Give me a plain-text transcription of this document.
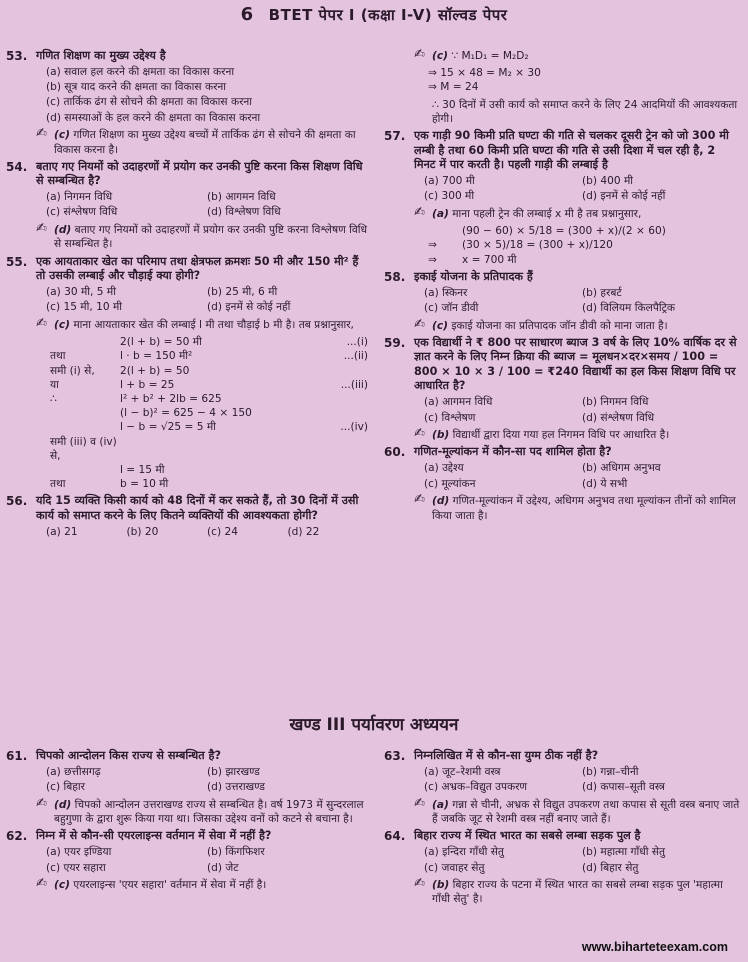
6 BTET पेपर I (कक्षा I-V) सॉल्वड पेपर
53. गणित शिक्षण का मुख्य उद्देश्य है
(a) सवाल हल करने की क्षमता का विकास करना
(b) सूत्र याद करने की क्षमता का विकास करना
(c) तार्किक ढंग से सोचने की क्षमता का विकास करना
(d) समस्याओं के हल करने की क्षमता का विकास करना
✍ (c) गणित शिक्षण का मुख्य उद्देश्य बच्चों में तार्किक ढंग से सोचने की क्षमता का विकास करना है।
54. बताए गए नियमों को उदाहरणों में प्रयोग कर उनकी पुष्टि करना किस शिक्षण विधि से सम्बन्धित है?
(a) निगमन विधि	(b) आगमन विधि
(c) संश्लेषण विधि	(d) विश्लेषण विधि
✍ (d) बताए गए नियमों को उदाहरणों में प्रयोग कर उनकी पुष्टि करना विश्लेषण विधि से सम्बन्धित है।
55. एक आयताकार खेत का परिमाप तथा क्षेत्रफल क्रमशः 50 मी और 150 मी² हैं तो उसकी लम्बाई और चौड़ाई क्या होगी?
(a) 30 मी, 5 मी	(b) 25 मी, 6 मी
(c) 15 मी, 10 मी	(d) इनमें से कोई नहीं
✍ (c) माना आयताकार खेत की लम्बाई l मी तथा चौड़ाई b मी है। तब प्रश्नानुसार,
2(l + b) = 50 मी	...(i)
तथा	l · b = 150 मी²	...(ii)
समी (i) से,	2(l + b) = 50
या	l + b = 25	...(iii)
∴	l² + b² + 2lb = 625
(l − b)² = 625 − 4 × 150
l − b = √25 = 5 मी	...(iv)
समी (iii) व (iv) से,
l = 15 मी
तथा	b = 10 मी
56. यदि 15 व्यक्ति किसी कार्य को 48 दिनों में कर सकते हैं, तो 30 दिनों में उसी कार्य को समाप्त करने के लिए कितने व्यक्तियों की आवश्यकता होगी?
(a) 21	(b) 20	(c) 24	(d) 22
✍ (c) ∵ M₁D₁ = M₂D₂
⇒ 15 × 48 = M₂ × 30
⇒ M = 24
∴ 30 दिनों में उसी कार्य को समाप्त करने के लिए 24 आदमियों की आवश्यकता होगी।
57. एक गाड़ी 90 किमी प्रति घण्टा की गति से चलकर दूसरी ट्रेन को जो 300 मी लम्बी है तथा 60 किमी प्रति घण्टा की गति से उसी दिशा में चल रही है, 2 मिनट में पार करती है। पहली गाड़ी की लम्बाई है
(a) 700 मी	(b) 400 मी
(c) 300 मी	(d) इनमें से कोई नहीं
✍ (a) माना पहली ट्रेन की लम्बाई x मी है तब प्रश्नानुसार,
(90 − 60) × 5/18 = (300 + x)/(2 × 60)
⇒	(30 × 5)/18 = (300 + x)/120
⇒	x = 700 मी
58. इकाई योजना के प्रतिपादक हैं
(a) स्किनर	(b) हरबर्ट
(c) जॉन डीवी	(d) विलियम किलपैट्रिक
✍ (c) इकाई योजना का प्रतिपादक जॉन डीवी को माना जाता है।
59. एक विद्यार्थी ने ₹ 800 पर साधारण ब्याज 3 वर्ष के लिए 10% वार्षिक दर से ज्ञात करने के लिए निम्न क्रिया की ब्याज = मूलधन×दर×समय / 100 = 800 × 10 × 3 / 100 = ₹240 विद्यार्थी का हल किस शिक्षण विधि पर आधारित है?
(a) आगमन विधि	(b) निगमन विधि
(c) विश्लेषण	(d) संश्लेषण विधि
✍ (b) विद्यार्थी द्वारा दिया गया हल निगमन विधि पर आधारित है।
60. गणित-मूल्यांकन में कौन-सा पद शामिल होता है?
(a) उद्देश्य	(b) अधिगम अनुभव
(c) मूल्यांकन	(d) ये सभी
✍ (d) गणित-मूल्यांकन में उद्देश्य, अधिगम अनुभव तथा मूल्यांकन तीनों को शामिल किया जाता है।
खण्ड III पर्यावरण अध्ययन
61. चिपको आन्दोलन किस राज्य से सम्बन्धित है?
(a) छत्तीसगढ़	(b) झारखण्ड
(c) बिहार	(d) उत्तराखण्ड
✍ (d) चिपको आन्दोलन उत्तराखण्ड राज्य से सम्बन्धित है। वर्ष 1973 में सुन्दरलाल बहुगुणा के द्वारा शुरू किया गया था। जिसका उद्देश्य वनों को कटने से बचाना है।
62. निम्न में से कौन-सी एयरलाइन्स वर्तमान में सेवा में नहीं है?
(a) एयर इण्डिया	(b) किंगफिशर
(c) एयर सहारा	(d) जेट
✍ (c) एयरलाइन्स 'एयर सहारा' वर्तमान में सेवा में नहीं है।
63. निम्नलिखित में से कौन-सा युग्म ठीक नहीं है?
(a) जूट–रेशमी वस्त्र	(b) गन्ना–चीनी
(c) अभ्रक–विद्युत उपकरण	(d) कपास–सूती वस्त्र
✍ (a) गन्ना से चीनी, अभ्रक से विद्युत उपकरण तथा कपास से सूती वस्त्र बनाए जाते हैं जबकि जूट से रेशमी वस्त्र नहीं बनाए जाते हैं।
64. बिहार राज्य में स्थित भारत का सबसे लम्बा सड़क पुल है
(a) इन्दिरा गाँधी सेतु	(b) महात्मा गाँधी सेतु
(c) जवाहर सेतु	(d) बिहार सेतु
✍ (b) बिहार राज्य के पटना में स्थित भारत का सबसे लम्बा सड़क पुल 'महात्मा गाँधी सेतु' है।
www.biharteteexam.com
